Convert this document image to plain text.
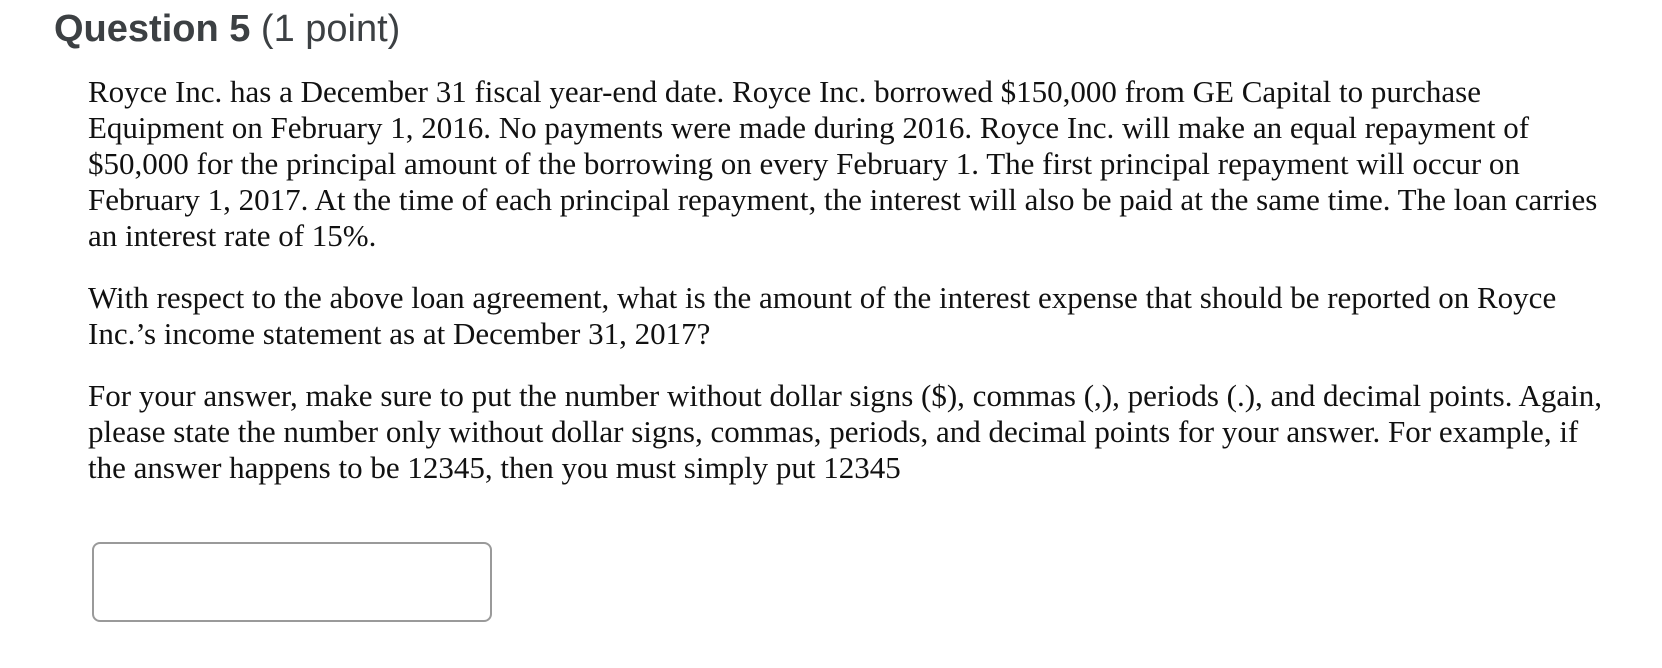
Question 5 (1 point)

Royce Inc. has a December 31 fiscal year-end date. Royce Inc. borrowed $150,000 from GE Capital to purchase Equipment on February 1, 2016. No payments were made during 2016. Royce Inc. will make an equal repayment of $50,000 for the principal amount of the borrowing on every February 1. The first principal repayment will occur on February 1, 2017. At the time of each principal repayment, the interest will also be paid at the same time. The loan carries an interest rate of 15%.

With respect to the above loan agreement, what is the amount of the interest expense that should be reported on Royce Inc.’s income statement as at December 31, 2017?

For your answer, make sure to put the number without dollar signs ($), commas (,), periods (.), and decimal points. Again, please state the number only without dollar signs, commas, periods, and decimal points for your answer. For example, if the answer happens to be 12345, then you must simply put 12345
